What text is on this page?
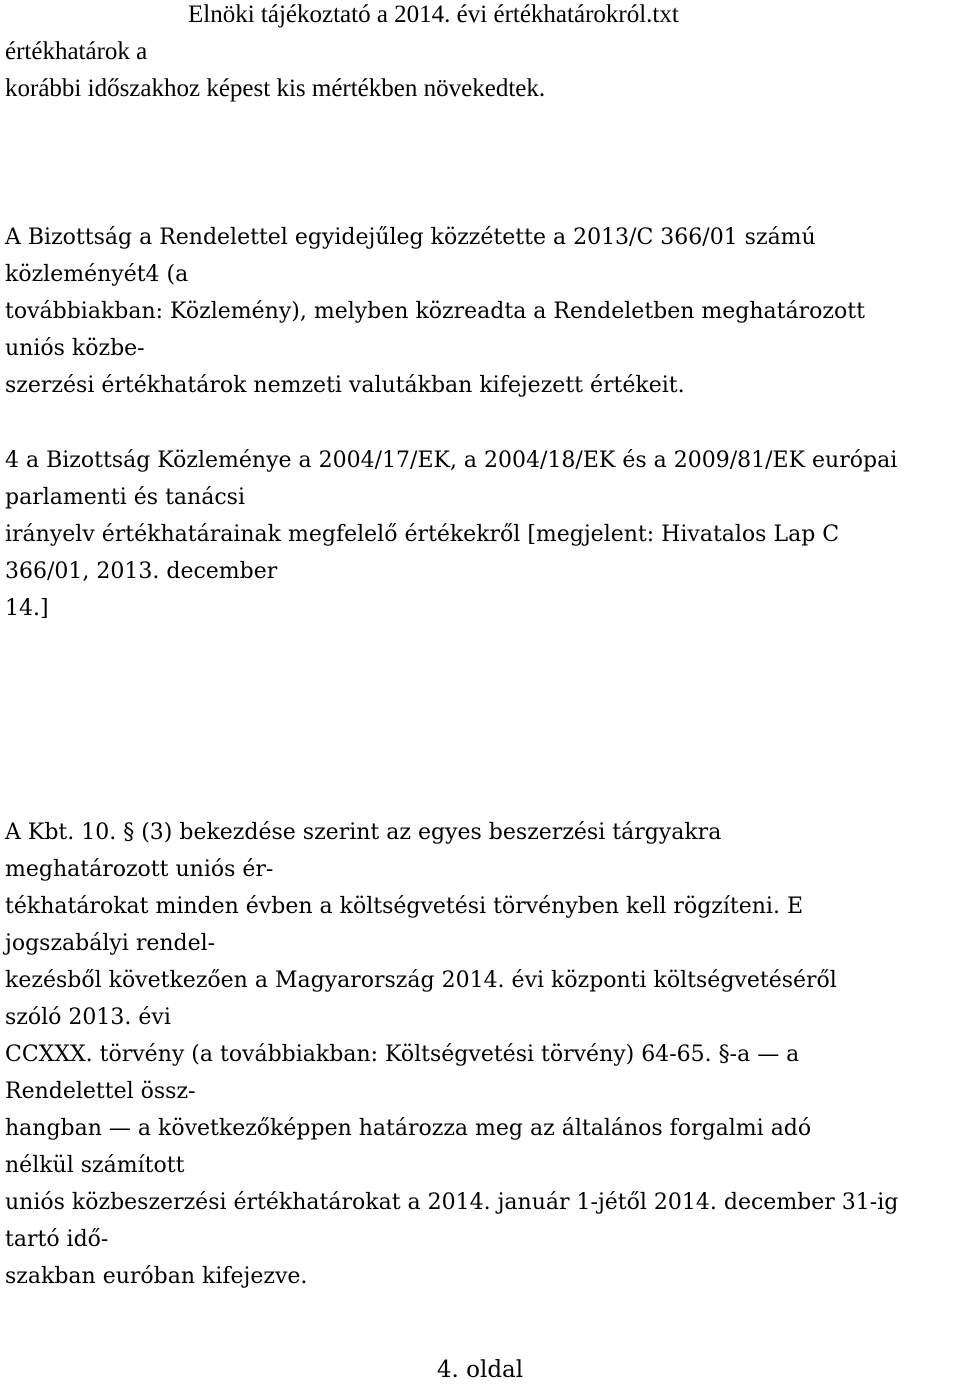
Elnöki tájékoztató a 2014. évi értékhatárokról.txt
értékhatárok a
korábbi időszakhoz képest kis mértékben növekedtek.
A Bizottság a Rendelettel egyidejűleg közzétette a 2013/C 366/01 számú
közleményét4 (a
továbbiakban: Közlemény), melyben közreadta a Rendeletben meghatározott
uniós közbe-
szerzési értékhatárok nemzeti valutákban kifejezett értékeit.
4 a Bizottság Közleménye a 2004/17/EK, a 2004/18/EK és a 2009/81/EK európai
parlamenti és tanácsi
irányelv értékhatárainak megfelelő értékekről [megjelent: Hivatalos Lap C
366/01, 2013. december
14.]
A Kbt. 10. § (3) bekezdése szerint az egyes beszerzési tárgyakra
meghatározott uniós ér-
tékhatárokat minden évben a költségvetési törvényben kell rögzíteni. E
jogszabályi rendel-
kezésből következően a Magyarország 2014. évi központi költségvetéséről
szóló 2013. évi
CCXXX. törvény (a továbbiakban: Költségvetési törvény) 64-65. §-a — a
Rendelettel össz-
hangban — a következőképpen határozza meg az általános forgalmi adó
nélkül számított
uniós közbeszerzési értékhatárokat a 2014. január 1-jétől 2014. december 31-ig
tartó idő-
szakban euróban kifejezve.
4. oldal
